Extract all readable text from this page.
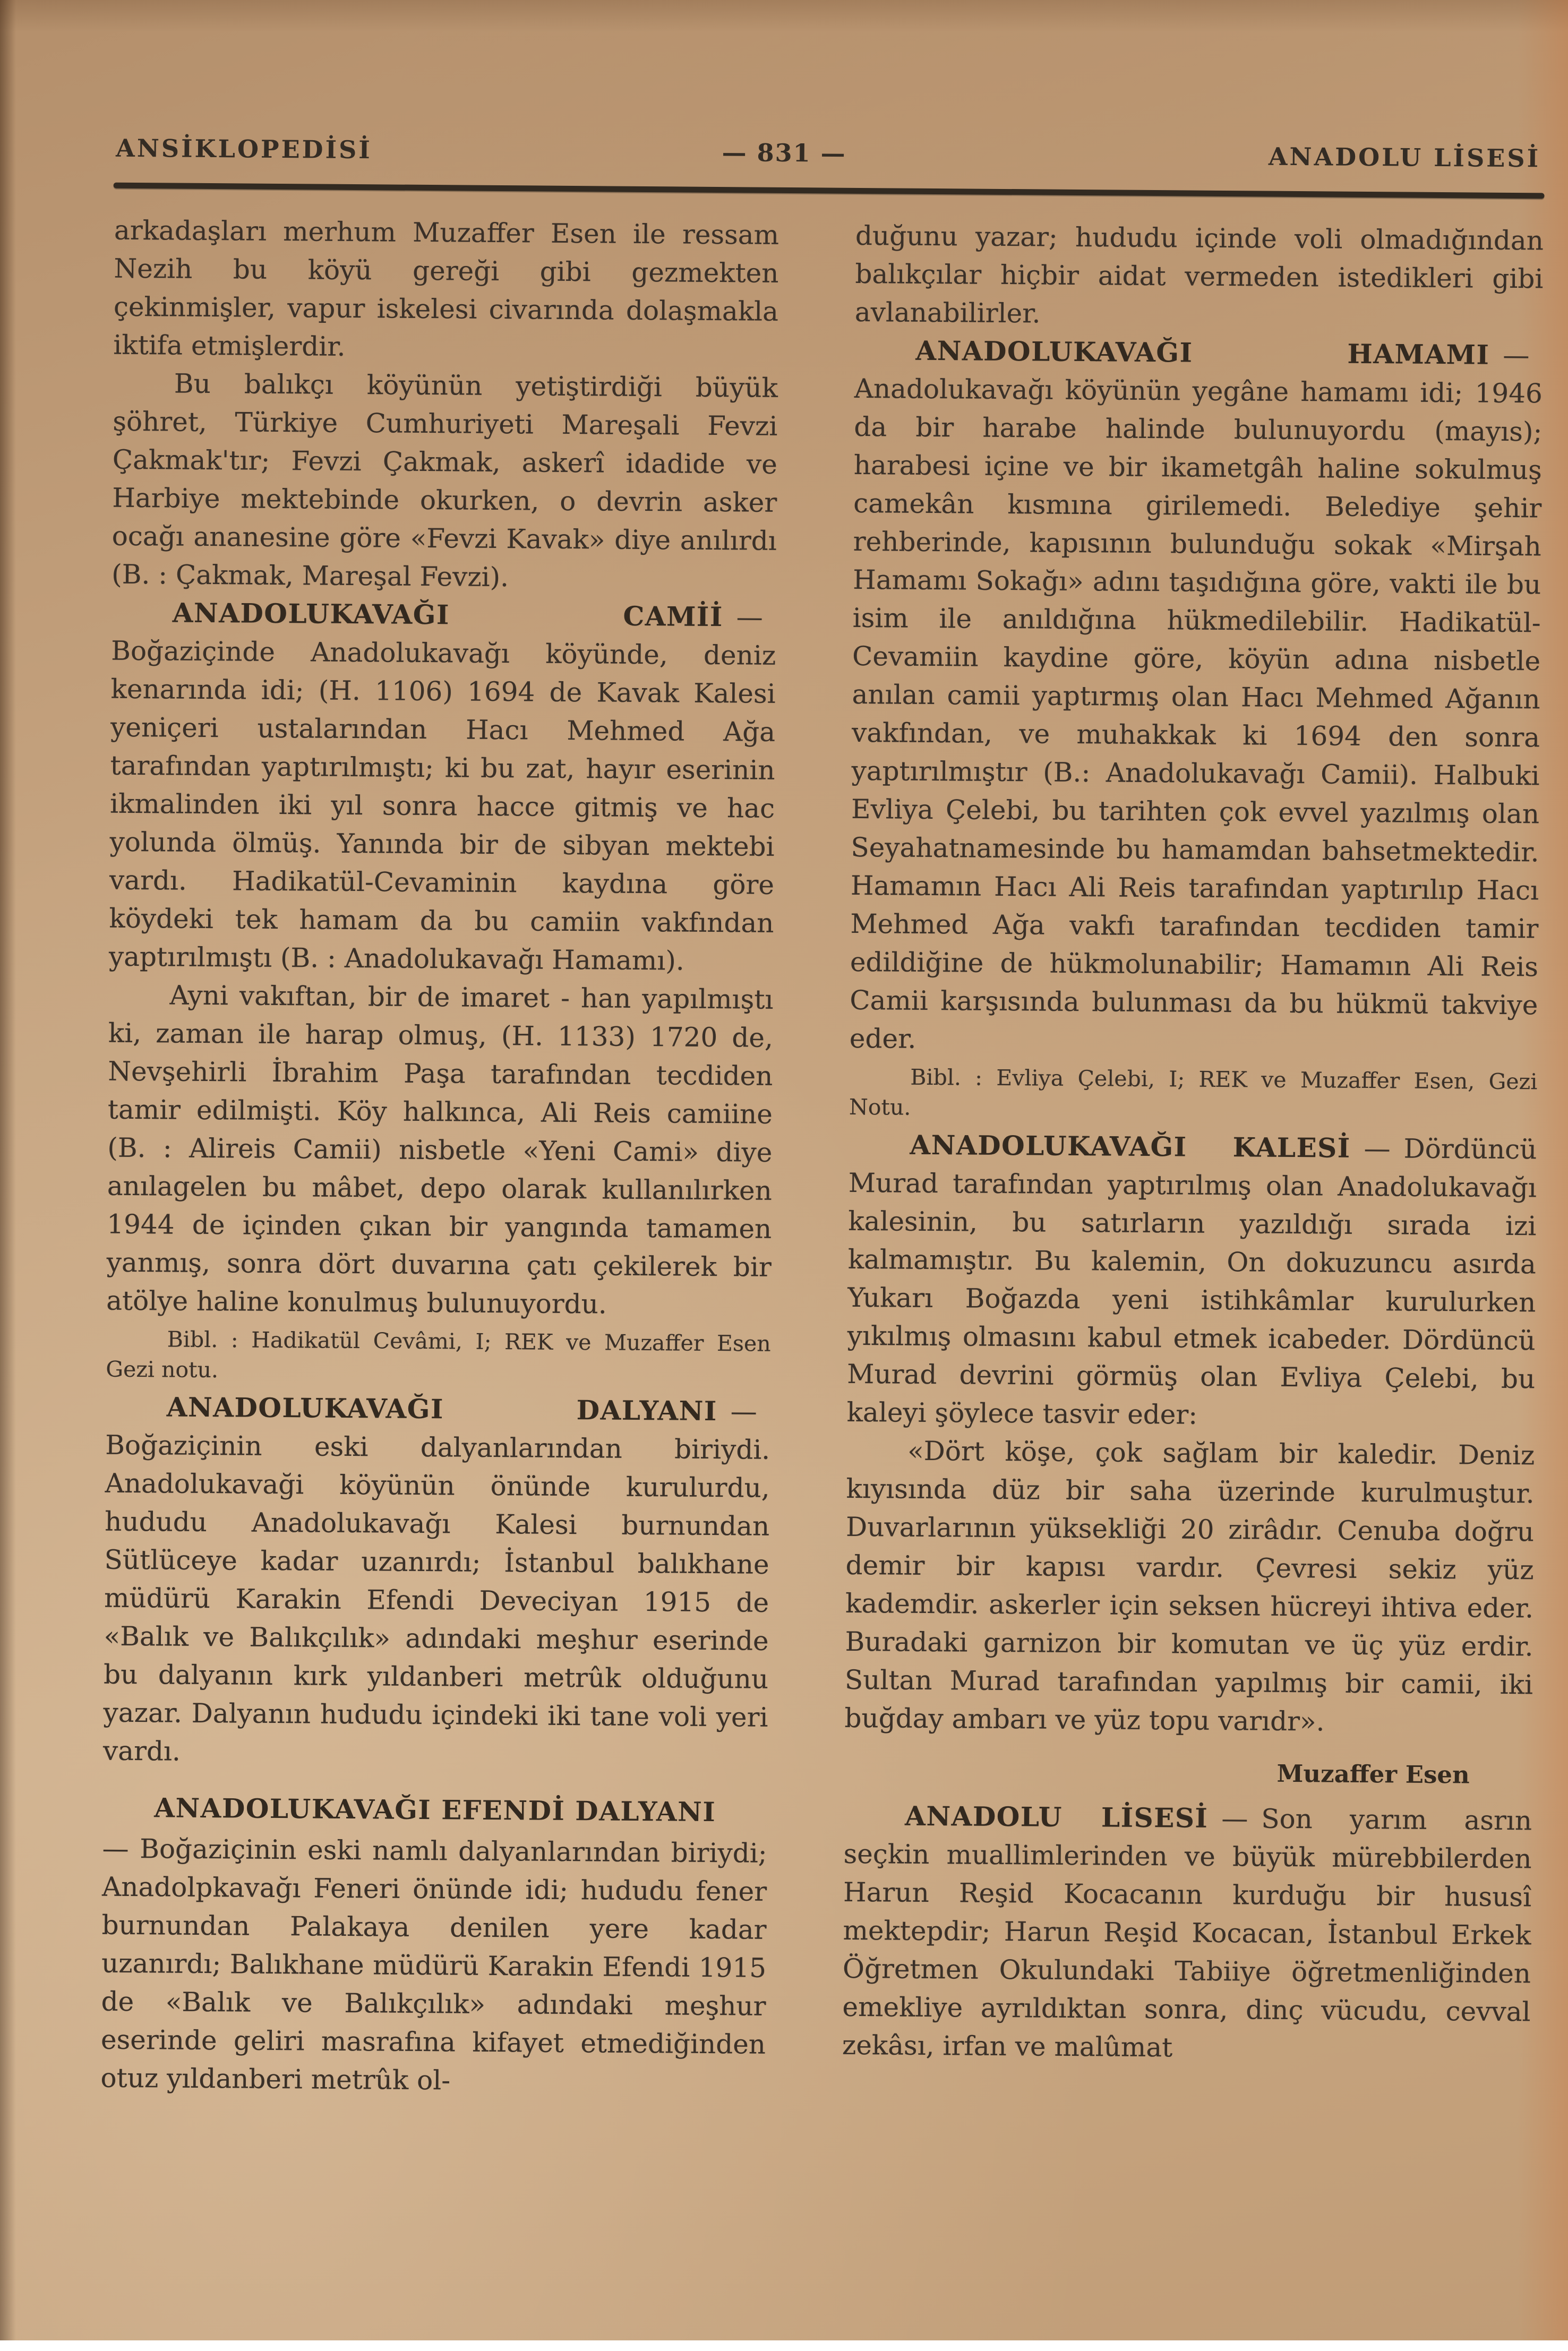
ANSİKLOPEDİSİ	— 831 —	ANADOLU LİSESİ

arkadaşları merhum Muzaffer Esen ile ressam Nezih bu köyü gereği gibi gezmekten çekinmişler, vapur iskelesi civarında dolaşmakla iktifa etmişlerdir.

Bu balıkçı köyünün yetiştirdiği büyük şöhret, Türkiye Cumhuriyeti Mareşali Fevzi Çakmak'tır; Fevzi Çakmak, askerî idadide ve Harbiye mektebinde okurken, o devrin asker ocağı ananesine göre «Fevzi Kavak» diye anılırdı (B. : Çakmak, Mareşal Fevzi).

ANADOLUKAVAĞI CAMİİ — Boğaziçinde Anadolukavağı köyünde, deniz kenarında idi; (H. 1106) 1694 de Kavak Kalesi yeniçeri ustalarından Hacı Mehmed Ağa tarafından yaptırılmıştı; ki bu zat, hayır eserinin ikmalinden iki yıl sonra hacce gitmiş ve hac yolunda ölmüş. Yanında bir de sibyan mektebi vardı. Hadikatül-Cevaminin kaydına göre köydeki tek hamam da bu camiin vakfından yaptırılmıştı (B. : Anadolukavağı Hamamı).

Ayni vakıftan, bir de imaret - han yapılmıştı ki, zaman ile harap olmuş, (H. 1133) 1720 de, Nevşehirli İbrahim Paşa tarafından tecdiden tamir edilmişti. Köy halkınca, Ali Reis camiine (B. : Alireis Camii) nisbetle «Yeni Cami» diye anılagelen bu mâbet, depo olarak kullanılırken 1944 de içinden çıkan bir yangında tamamen yanmış, sonra dört duvarına çatı çekilerek bir atölye haline konulmuş bulunuyordu.

Bibl. : Hadikatül Cevâmi, I; REK ve Muzaffer Esen Gezi notu.

ANADOLUKAVAĞI DALYANI — Boğaziçinin eski dalyanlarından biriydi. Anadolukavaği köyünün önünde kurulurdu, hududu Anadolukavağı Kalesi burnundan Sütlüceye kadar uzanırdı; İstanbul balıkhane müdürü Karakin Efendi Deveciyan 1915 de «Balık ve Balıkçılık» adındaki meşhur eserinde bu dalyanın kırk yıldanberi metrûk olduğunu yazar. Dalyanın hududu içindeki iki tane voli yeri vardı.

ANADOLUKAVAĞI EFENDİ DALYANI

— Boğaziçinin eski namlı dalyanlarından biriydi; Anadolpkavağı Feneri önünde idi; hududu fener burnundan Palakaya denilen yere kadar uzanırdı; Balıkhane müdürü Karakin Efendi 1915 de «Balık ve Balıkçılık» adındaki meşhur eserinde geliri masrafına kifayet etmediğinden otuz yıldanberi metrûk ol-

duğunu yazar; hududu içinde voli olmadığından balıkçılar hiçbir aidat vermeden istedikleri gibi avlanabilirler.

ANADOLUKAVAĞI HAMAMI — Anadolukavağı köyünün yegâne hamamı idi; 1946 da bir harabe halinde bulunuyordu (mayıs); harabesi içine ve bir ikametgâh haline sokulmuş camekân kısmına girilemedi. Belediye şehir rehberinde, kapısının bulunduğu sokak «Mirşah Hamamı Sokağı» adını taşıdığına göre, vakti ile bu isim ile anıldığına hükmedilebilir. Hadikatül-Cevamiin kaydine göre, köyün adına nisbetle anılan camii yaptırmış olan Hacı Mehmed Ağanın vakfından, ve muhakkak ki 1694 den sonra yaptırılmıştır (B.: Anadolukavağı Camii). Halbuki Evliya Çelebi, bu tarihten çok evvel yazılmış olan Seyahatnamesinde bu hamamdan bahsetmektedir. Hamamın Hacı Ali Reis tarafından yaptırılıp Hacı Mehmed Ağa vakfı tarafından tecdiden tamir edildiğine de hükmolunabilir; Hamamın Ali Reis Camii karşısında bulunması da bu hükmü takviye eder.

Bibl. : Evliya Çelebi, I; REK ve Muzaffer Esen, Gezi Notu.

ANADOLUKAVAĞI KALESİ — Dördüncü Murad tarafından yaptırılmış olan Anadolukavağı kalesinin, bu satırların yazıldığı sırada izi kalmamıştır. Bu kalemin, On dokuzuncu asırda Yukarı Boğazda yeni istihkâmlar kurulurken yıkılmış olmasını kabul etmek icabeder. Dördüncü Murad devrini görmüş olan Evliya Çelebi, bu kaleyi şöylece tasvir eder:

«Dört köşe, çok sağlam bir kaledir. Deniz kıyısında düz bir saha üzerinde kurulmuştur. Duvarlarının yüksekliği 20 zirâdır. Cenuba doğru demir bir kapısı vardır. Çevresi sekiz yüz kademdir. askerler için seksen hücreyi ihtiva eder. Buradaki garnizon bir komutan ve üç yüz erdir. Sultan Murad tarafından yapılmış bir camii, iki buğday ambarı ve yüz topu varıdr».

Muzaffer Esen

ANADOLU LİSESİ — Son yarım asrın seçkin muallimlerinden ve büyük mürebbilerden Harun Reşid Kocacanın kurduğu bir hususî mektepdir; Harun Reşid Kocacan, İstanbul Erkek Öğretmen Okulundaki Tabiiye öğretmenliğinden emekliye ayrıldıktan sonra, dinç vücudu, cevval zekâsı, irfan ve malûmat
